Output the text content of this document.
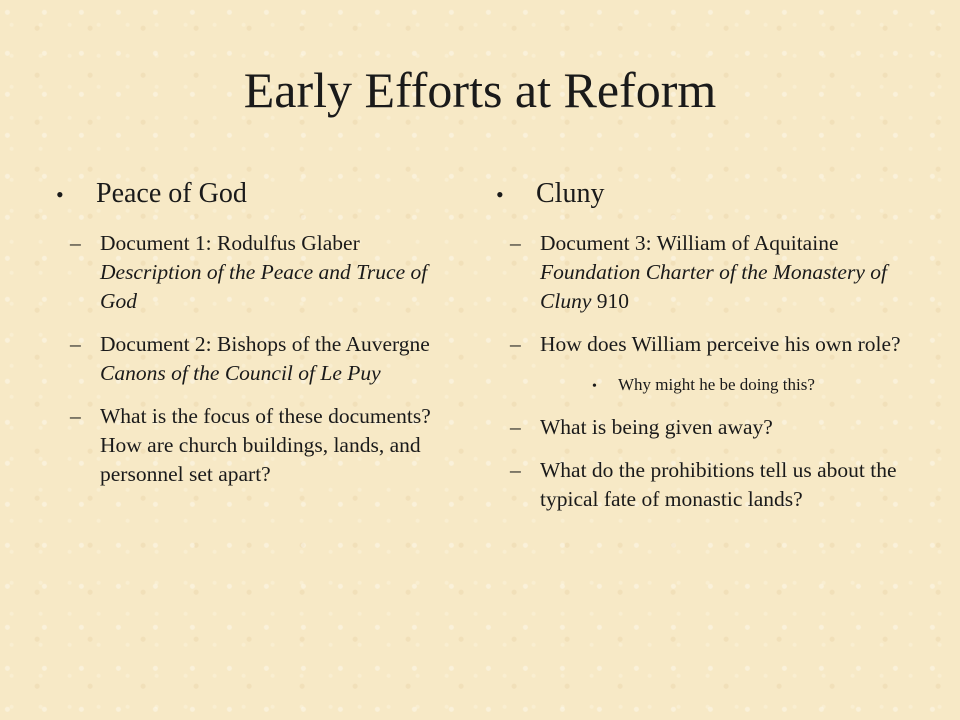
Early Efforts at Reform
•	Peace of God
– Document 1: Rodulfus Glaber Description of the Peace and Truce of God
– Document 2: Bishops of the Auvergne Canons of the Council of Le Puy
– What is the focus of these documents? How are church buildings, lands, and personnel set apart?
•	Cluny
– Document 3: William of Aquitaine Foundation Charter of the Monastery of Cluny 910
– How does William perceive his own role?
•	Why might he be doing this?
– What is being given away?
– What do the prohibitions tell us about the typical fate of monastic lands?
